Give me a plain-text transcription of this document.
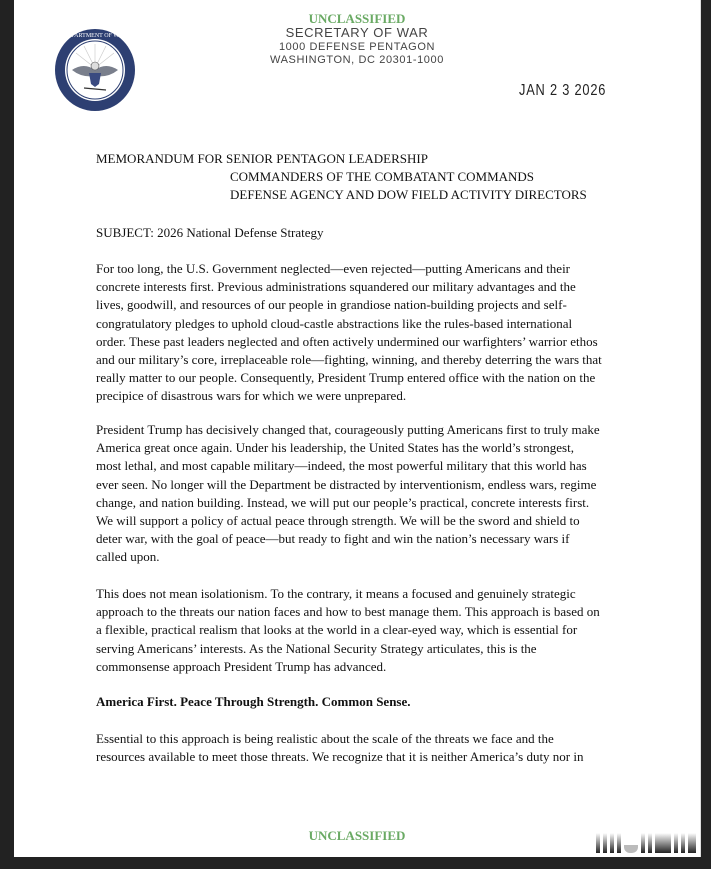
DEPARTMENT OF WAR
UNCLASSIFIED
SECRETARY OF WAR
1000 DEFENSE PENTAGON
WASHINGTON, DC 20301-1000
JAN 2 3 2026
MEMORANDUM FOR SENIOR PENTAGON LEADERSHIP
COMMANDERS OF THE COMBATANT COMMANDS
DEFENSE AGENCY AND DOW FIELD ACTIVITY DIRECTORS
SUBJECT: 2026 National Defense Strategy
For too long, the U.S. Government neglected—even rejected—putting Americans and their
concrete interests first. Previous administrations squandered our military advantages and the
lives, goodwill, and resources of our people in grandiose nation-building projects and self-
congratulatory pledges to uphold cloud-castle abstractions like the rules-based international
order. These past leaders neglected and often actively undermined our warfighters’ warrior ethos
and our military’s core, irreplaceable role—fighting, winning, and thereby deterring the wars that
really matter to our people. Consequently, President Trump entered office with the nation on the
precipice of disastrous wars for which we were unprepared.
President Trump has decisively changed that, courageously putting Americans first to truly make
America great once again. Under his leadership, the United States has the world’s strongest,
most lethal, and most capable military—indeed, the most powerful military that this world has
ever seen. No longer will the Department be distracted by interventionism, endless wars, regime
change, and nation building. Instead, we will put our people’s practical, concrete interests first.
We will support a policy of actual peace through strength. We will be the sword and shield to
deter war, with the goal of peace—but ready to fight and win the nation’s necessary wars if
called upon.
This does not mean isolationism. To the contrary, it means a focused and genuinely strategic
approach to the threats our nation faces and how to best manage them. This approach is based on
a flexible, practical realism that looks at the world in a clear-eyed way, which is essential for
serving Americans’ interests. As the National Security Strategy articulates, this is the
commonsense approach President Trump has advanced.
America First. Peace Through Strength. Common Sense.
Essential to this approach is being realistic about the scale of the threats we face and the
resources available to meet those threats. We recognize that it is neither America’s duty nor in
UNCLASSIFIED
